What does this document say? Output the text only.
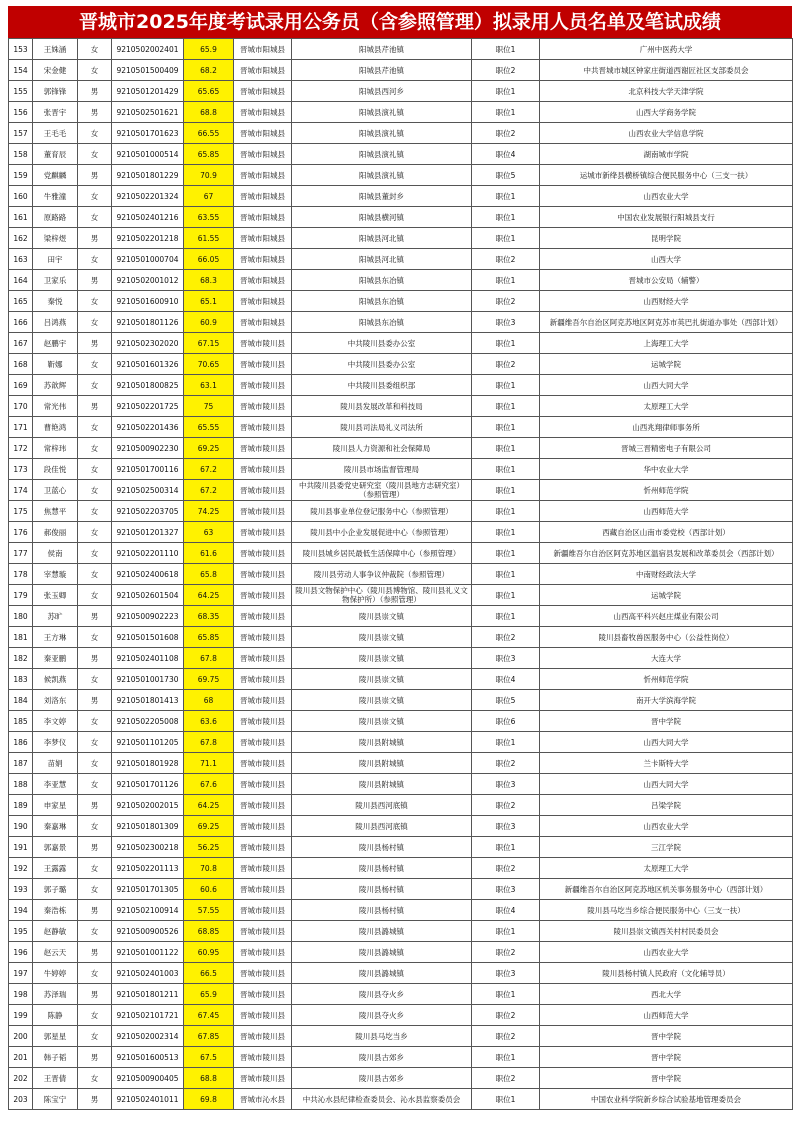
晋城市2025年度考试录用公务员（含参照管理）拟录用人员名单及笔试成绩
153	王姝涵	女	9210502002401	65.9	晋城市阳城县	阳城县芹池镇	职位1	广州中医药大学
154	宋金健	女	9210501500409	68.2	晋城市阳城县	阳城县芹池镇	职位2	中共晋城市城区钟家庄街道西谢匠社区支部委员会
155	郭锋锋	男	9210501201429	65.65	晋城市阳城县	阳城县西河乡	职位1	北京科技大学天津学院
156	张晋宇	男	9210502501621	68.8	晋城市阳城县	阳城县演礼镇	职位1	山西大学商务学院
157	王毛毛	女	9210501701623	66.55	晋城市阳城县	阳城县演礼镇	职位2	山西农业大学信息学院
158	董育辰	女	9210501000514	65.85	晋城市阳城县	阳城县演礼镇	职位4	湖南城市学院
159	党麒麟	男	9210501801229	70.9	晋城市阳城县	阳城县演礼镇	职位5	运城市新绛县横桥镇综合便民服务中心（三支一扶）
160	牛雅潼	女	9210502201324	67	晋城市阳城县	阳城县董封乡	职位1	山西农业大学
161	原路路	女	9210502401216	63.55	晋城市阳城县	阳城县横河镇	职位1	中国农业发展银行阳城县支行
162	梁梓煜	男	9210502201218	61.55	晋城市阳城县	阳城县河北镇	职位1	昆明学院
163	田宇	女	9210501000704	66.05	晋城市阳城县	阳城县河北镇	职位2	山西大学
164	卫家乐	男	9210502001012	68.3	晋城市阳城县	阳城县东冶镇	职位1	晋城市公安局（辅警）
165	秦悦	女	9210501600910	65.1	晋城市阳城县	阳城县东冶镇	职位2	山西财经大学
166	吕鸿燕	女	9210501801126	60.9	晋城市阳城县	阳城县东冶镇	职位3	新疆维吾尔自治区阿克苏地区阿克苏市英巴扎街道办事处（西部计划）
167	赵鹏宇	男	9210502302020	67.15	晋城市陵川县	中共陵川县委办公室	职位1	上海理工大学
168	靳娜	女	9210501601326	70.65	晋城市陵川县	中共陵川县委办公室	职位2	运城学院
169	苏歆辉	女	9210501800825	63.1	晋城市陵川县	中共陵川县委组织部	职位1	山西大同大学
170	常光伟	男	9210502201725	75	晋城市陵川县	陵川县发展改革和科技局	职位1	太原理工大学
171	曹艳鸿	女	9210502201436	65.55	晋城市陵川县	陵川县司法局礼义司法所	职位1	山西兆翔律师事务所
172	常梓玮	女	9210500902230	69.25	晋城市陵川县	陵川县人力资源和社会保障局	职位1	晋城三晋精密电子有限公司
173	段佳悦	女	9210501700116	67.2	晋城市陵川县	陵川县市场监督管理局	职位1	华中农业大学
174	卫蓝心	女	9210502500314	67.2	晋城市陵川县	中共陵川县委党史研究室（陵川县地方志研究室）（参照管理）	职位1	忻州师范学院
175	焦慧平	女	9210502203705	74.25	晋城市陵川县	陵川县事业单位登记服务中心（参照管理）	职位1	山西师范大学
176	郝俊丽	女	9210501201327	63	晋城市陵川县	陵川县中小企业发展促进中心（参照管理）	职位1	西藏自治区山南市委党校（西部计划）
177	侯南	女	9210502201110	61.6	晋城市陵川县	陵川县城乡居民最低生活保障中心（参照管理）	职位1	新疆维吾尔自治区阿克苏地区温宿县发展和改革委员会（西部计划）
178	宰慧璇	女	9210502400618	65.8	晋城市陵川县	陵川县劳动人事争议仲裁院（参照管理）	职位1	中南财经政法大学
179	张玉卿	女	9210502601504	64.25	晋城市陵川县	陵川县文物保护中心（陵川县博物馆、陵川县礼义文物保护所）（参照管理）	职位1	运城学院
180	苏旷	男	9210500902223	68.35	晋城市陵川县	陵川县崇文镇	职位1	山西高平科兴赵庄煤业有限公司
181	王方琳	女	9210501501608	65.85	晋城市陵川县	陵川县崇文镇	职位2	陵川县畜牧兽医服务中心（公益性岗位）
182	秦亚鹏	男	9210502401108	67.8	晋城市陵川县	陵川县崇文镇	职位3	大连大学
183	候凯燕	女	9210501001730	69.75	晋城市陵川县	陵川县崇文镇	职位4	忻州师范学院
184	刘洛东	男	9210501801413	68	晋城市陵川县	陵川县崇文镇	职位5	南开大学滨海学院
185	李文婷	女	9210502205008	63.6	晋城市陵川县	陵川县崇文镇	职位6	晋中学院
186	李梦仪	女	9210501101205	67.8	晋城市陵川县	陵川县附城镇	职位1	山西大同大学
187	苗娟	女	9210501801928	71.1	晋城市陵川县	陵川县附城镇	职位2	兰卡斯特大学
188	李亚慧	女	9210501701126	67.6	晋城市陵川县	陵川县附城镇	职位3	山西大同大学
189	申家星	男	9210502002015	64.25	晋城市陵川县	陵川县西河底镇	职位2	吕梁学院
190	秦嘉琳	女	9210501801309	69.25	晋城市陵川县	陵川县西河底镇	职位3	山西农业大学
191	郭嘉景	男	9210502300218	56.25	晋城市陵川县	陵川县杨村镇	职位1	三江学院
192	王露露	女	9210502201113	70.8	晋城市陵川县	陵川县杨村镇	职位2	太原理工大学
193	郭子璐	女	9210501701305	60.6	晋城市陵川县	陵川县杨村镇	职位3	新疆维吾尔自治区阿克苏地区机关事务服务中心（西部计划）
194	秦浩栋	男	9210502100914	57.55	晋城市陵川县	陵川县杨村镇	职位4	陵川县马圪当乡综合便民服务中心（三支一扶）
195	赵静敏	女	9210500900526	68.85	晋城市陵川县	陵川县潞城镇	职位1	陵川县崇文镇西关村村民委员会
196	赵云天	男	9210501001122	60.95	晋城市陵川县	陵川县潞城镇	职位2	山西农业大学
197	牛婷婷	女	9210502401003	66.5	晋城市陵川县	陵川县潞城镇	职位3	陵川县杨村镇人民政府（文化辅导员）
198	苏泽瑞	男	9210501801211	65.9	晋城市陵川县	陵川县夺火乡	职位1	西北大学
199	陈静	女	9210502101721	67.45	晋城市陵川县	陵川县夺火乡	职位2	山西师范大学
200	郭星星	女	9210502002314	67.85	晋城市陵川县	陵川县马圪当乡	职位2	晋中学院
201	韩子韬	男	9210501600513	67.5	晋城市陵川县	陵川县古郊乡	职位1	晋中学院
202	王晋倩	女	9210500900405	68.8	晋城市陵川县	陵川县古郊乡	职位2	晋中学院
203	陈宝宁	男	9210502401011	69.8	晋城市沁水县	中共沁水县纪律检查委员会、沁水县监察委员会	职位1	中国农业科学院新乡综合试验基地管理委员会
